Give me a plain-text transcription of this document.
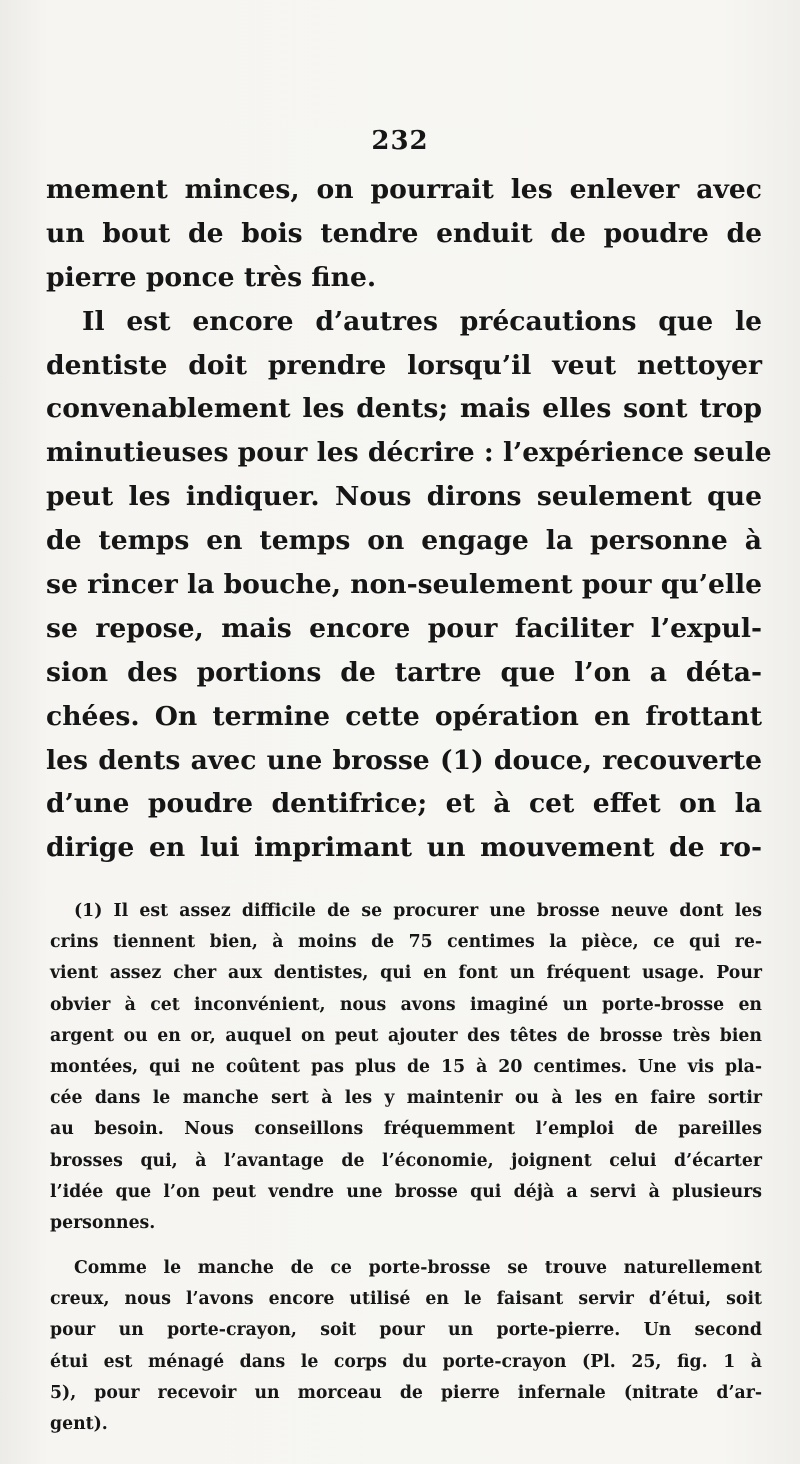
232
mement minces, on pourrait les enlever avec
un bout de bois tendre enduit de poudre de
pierre ponce très fine.
Il est encore d’autres précautions que le
dentiste doit prendre lorsqu’il veut nettoyer
convenablement les dents; mais elles sont trop
minutieuses pour les décrire : l’expérience seule
peut les indiquer. Nous dirons seulement que
de temps en temps on engage la personne à
se rincer la bouche, non-seulement pour qu’elle
se repose, mais encore pour faciliter l’expul-
sion des portions de tartre que l’on a déta-
chées. On termine cette opération en frottant
les dents avec une brosse (1) douce, recouverte
d’une poudre dentifrice; et à cet effet on la
dirige en lui imprimant un mouvement de ro-
(1) Il est assez difficile de se procurer une brosse neuve dont les
crins tiennent bien, à moins de 75 centimes la pièce, ce qui re-
vient assez cher aux dentistes, qui en font un fréquent usage. Pour
obvier à cet inconvénient, nous avons imaginé un porte-brosse en
argent ou en or, auquel on peut ajouter des têtes de brosse très bien
montées, qui ne coûtent pas plus de 15 à 20 centimes. Une vis pla-
cée dans le manche sert à les y maintenir ou à les en faire sortir
au besoin. Nous conseillons fréquemment l’emploi de pareilles
brosses qui, à l’avantage de l’économie, joignent celui d’écarter
l’idée que l’on peut vendre une brosse qui déjà a servi à plusieurs
personnes.
Comme le manche de ce porte-brosse se trouve naturellement
creux, nous l’avons encore utilisé en le faisant servir d’étui, soit
pour un porte-crayon, soit pour un porte-pierre. Un second
étui est ménagé dans le corps du porte-crayon (Pl. 25, fig. 1 à
5), pour recevoir un morceau de pierre infernale (nitrate d’ar-
gent).
